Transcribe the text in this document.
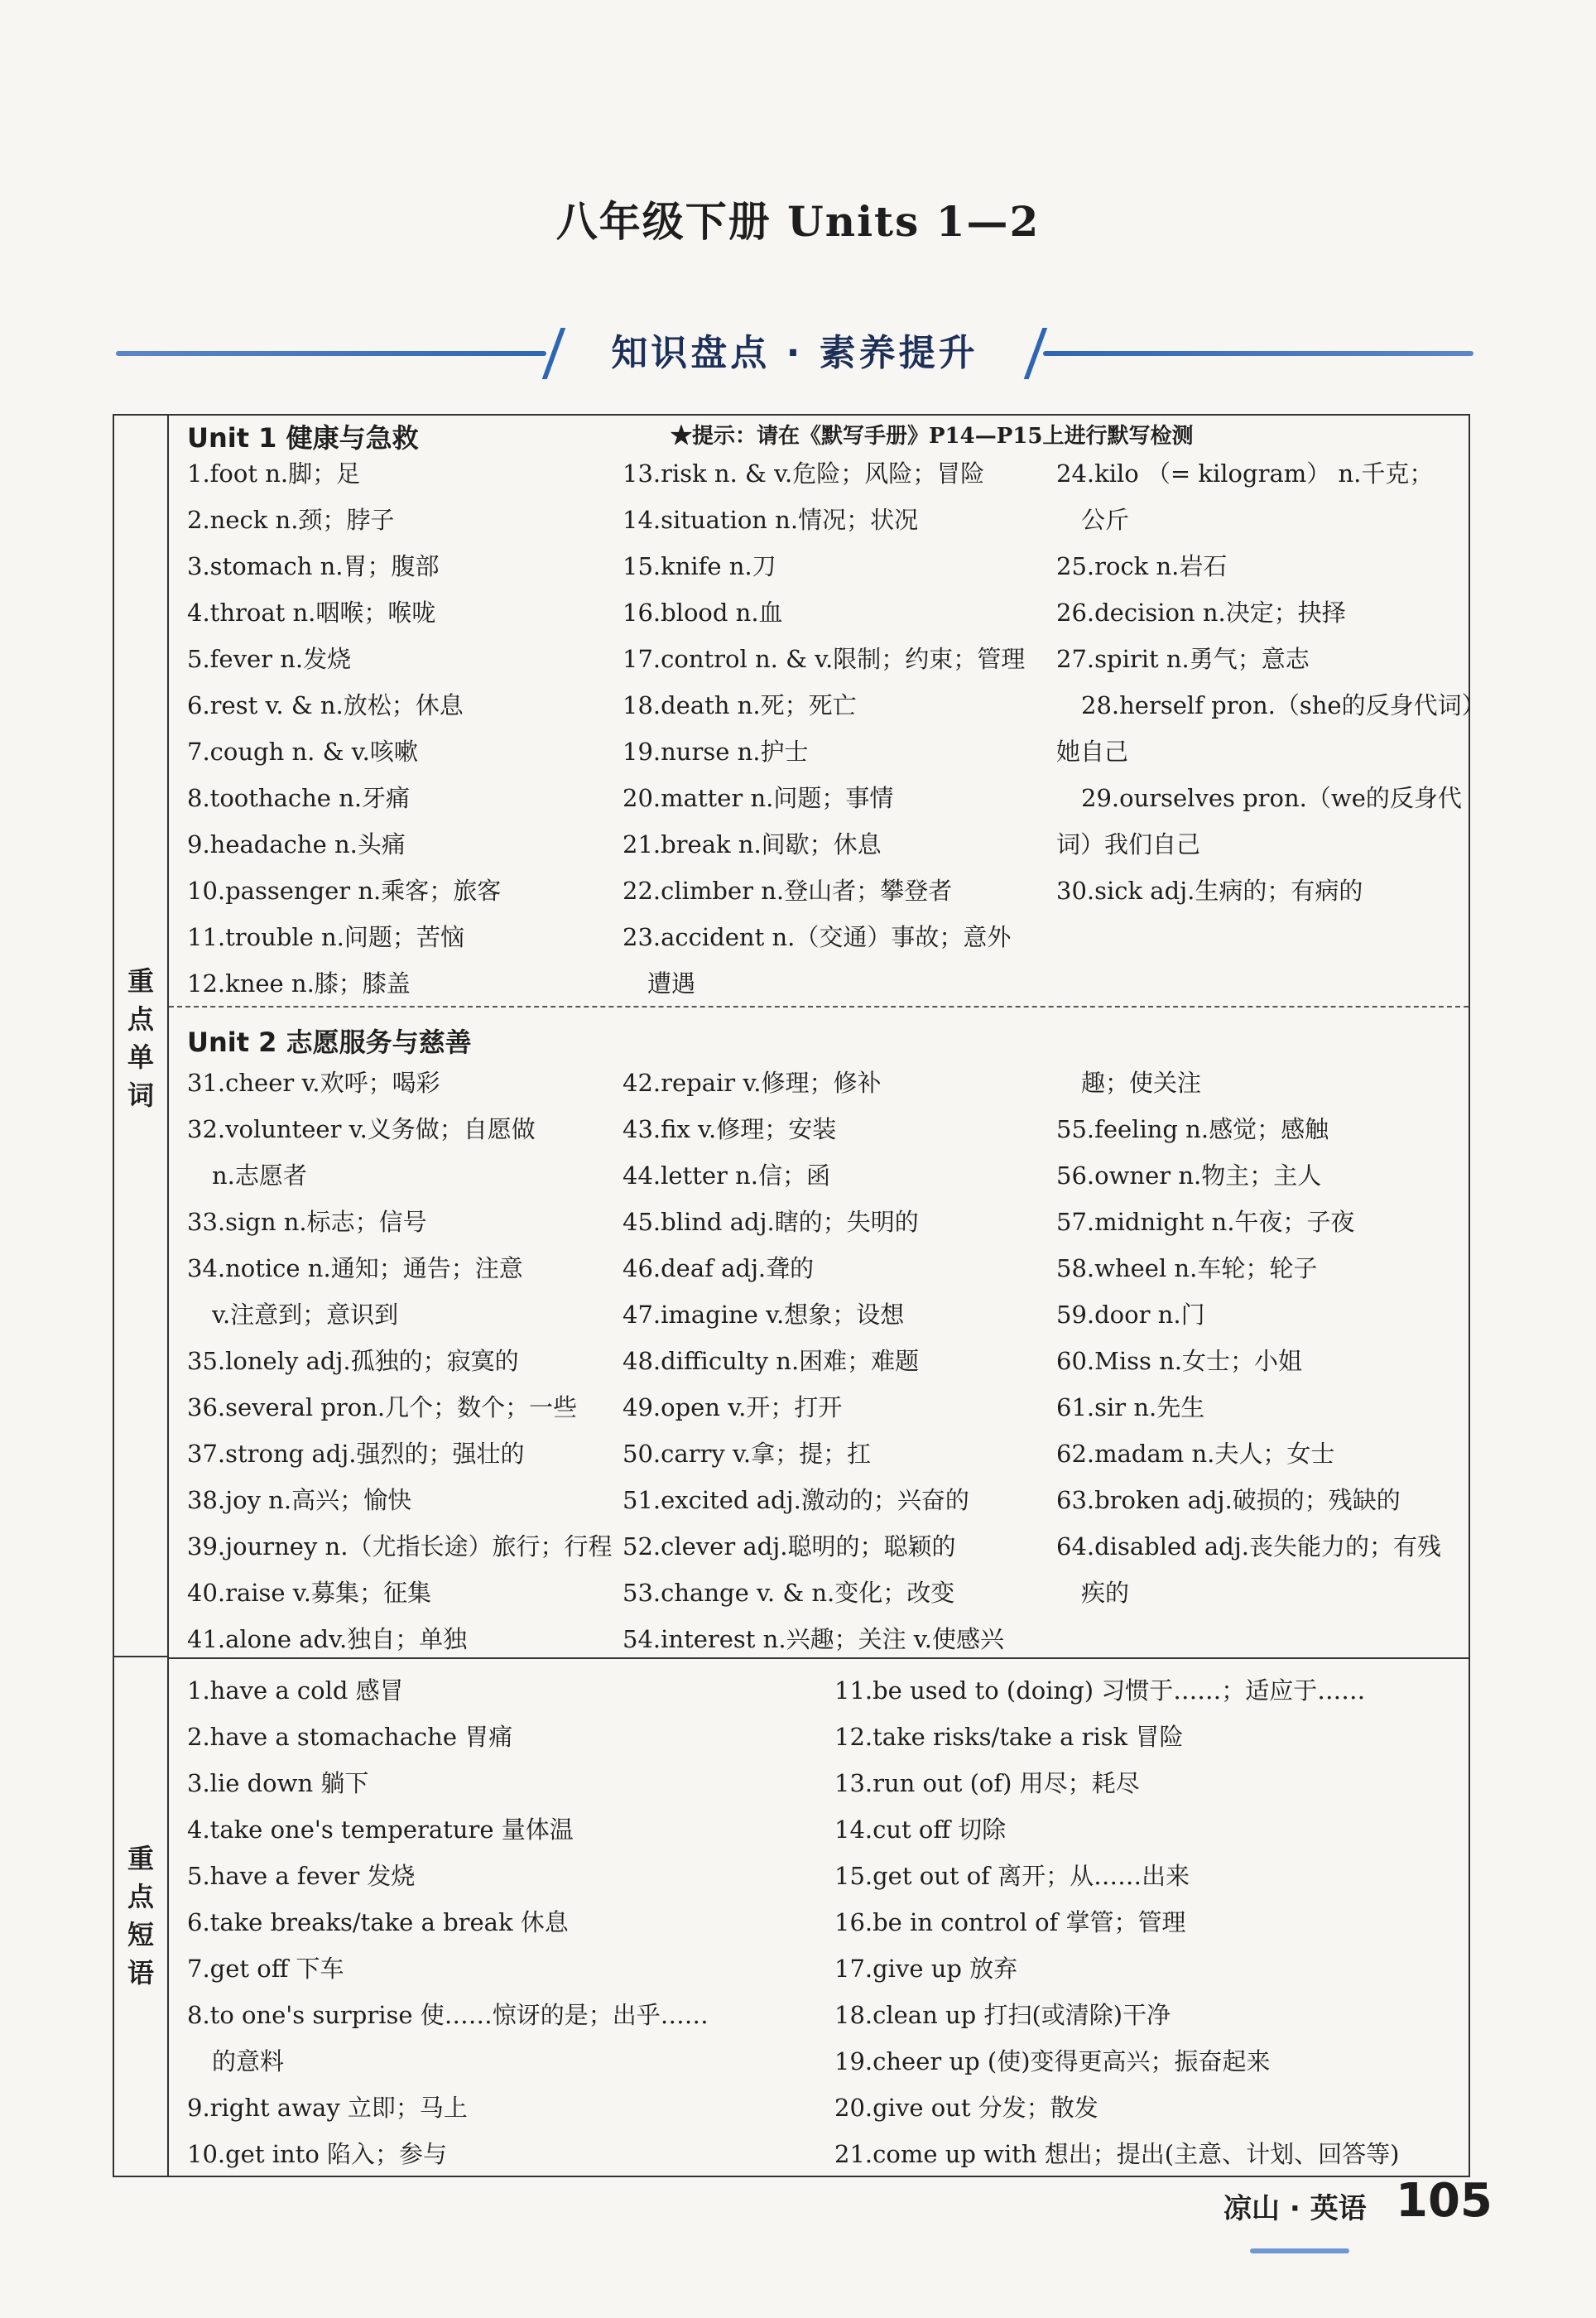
八年级下册 Units 1—2
知识盘点 · 素养提升
重点单词
重点短语
Unit 1 健康与急救	★提示：请在《默写手册》P14—P15上进行默写检测
1.foot n.脚；足
2.neck n.颈；脖子
3.stomach n.胃；腹部
4.throat n.咽喉；喉咙
5.fever n.发烧
6.rest v. & n.放松；休息
7.cough n. & v.咳嗽
8.toothache n.牙痛
9.headache n.头痛
10.passenger n.乘客；旅客
11.trouble n.问题；苦恼
12.knee n.膝；膝盖
13.risk n. & v.危险；风险；冒险
14.situation n.情况；状况
15.knife n.刀
16.blood n.血
17.control n. & v.限制；约束；管理
18.death n.死；死亡
19.nurse n.护士
20.matter n.问题；事情
21.break n.间歇；休息
22.climber n.登山者；攀登者
23.accident n.（交通）事故；意外
遭遇
24.kilo （= kilogram） n.千克；
公斤
25.rock n.岩石
26.decision n.决定；抉择
27.spirit n.勇气；意志
28.herself pron.（she的反身代词）
她自己
29.ourselves pron.（we的反身代
词）我们自己
30.sick adj.生病的；有病的
Unit 2 志愿服务与慈善
31.cheer v.欢呼；喝彩
32.volunteer v.义务做；自愿做
n.志愿者
33.sign n.标志；信号
34.notice n.通知；通告；注意
v.注意到；意识到
35.lonely adj.孤独的；寂寞的
36.several pron.几个；数个；一些
37.strong adj.强烈的；强壮的
38.joy n.高兴；愉快
39.journey n.（尤指长途）旅行；行程
40.raise v.募集；征集
41.alone adv.独自；单独
42.repair v.修理；修补
43.fix v.修理；安装
44.letter n.信；函
45.blind adj.瞎的；失明的
46.deaf adj.聋的
47.imagine v.想象；设想
48.difficulty n.困难；难题
49.open v.开；打开
50.carry v.拿；提；扛
51.excited adj.激动的；兴奋的
52.clever adj.聪明的；聪颖的
53.change v. & n.变化；改变
54.interest n.兴趣；关注 v.使感兴
趣；使关注
55.feeling n.感觉；感触
56.owner n.物主；主人
57.midnight n.午夜；子夜
58.wheel n.车轮；轮子
59.door n.门
60.Miss n.女士；小姐
61.sir n.先生
62.madam n.夫人；女士
63.broken adj.破损的；残缺的
64.disabled adj.丧失能力的；有残
疾的
1.have a cold 感冒
2.have a stomachache 胃痛
3.lie down 躺下
4.take one's temperature 量体温
5.have a fever 发烧
6.take breaks/take a break 休息
7.get off 下车
8.to one's surprise 使……惊讶的是；出乎……
的意料
9.right away 立即；马上
10.get into 陷入；参与
11.be used to (doing) 习惯于……；适应于……
12.take risks/take a risk 冒险
13.run out (of) 用尽；耗尽
14.cut off 切除
15.get out of 离开；从……出来
16.be in control of 掌管；管理
17.give up 放弃
18.clean up 打扫(或清除)干净
19.cheer up (使)变得更高兴；振奋起来
20.give out 分发；散发
21.come up with 想出；提出(主意、计划、回答等)
凉山 · 英语 105
